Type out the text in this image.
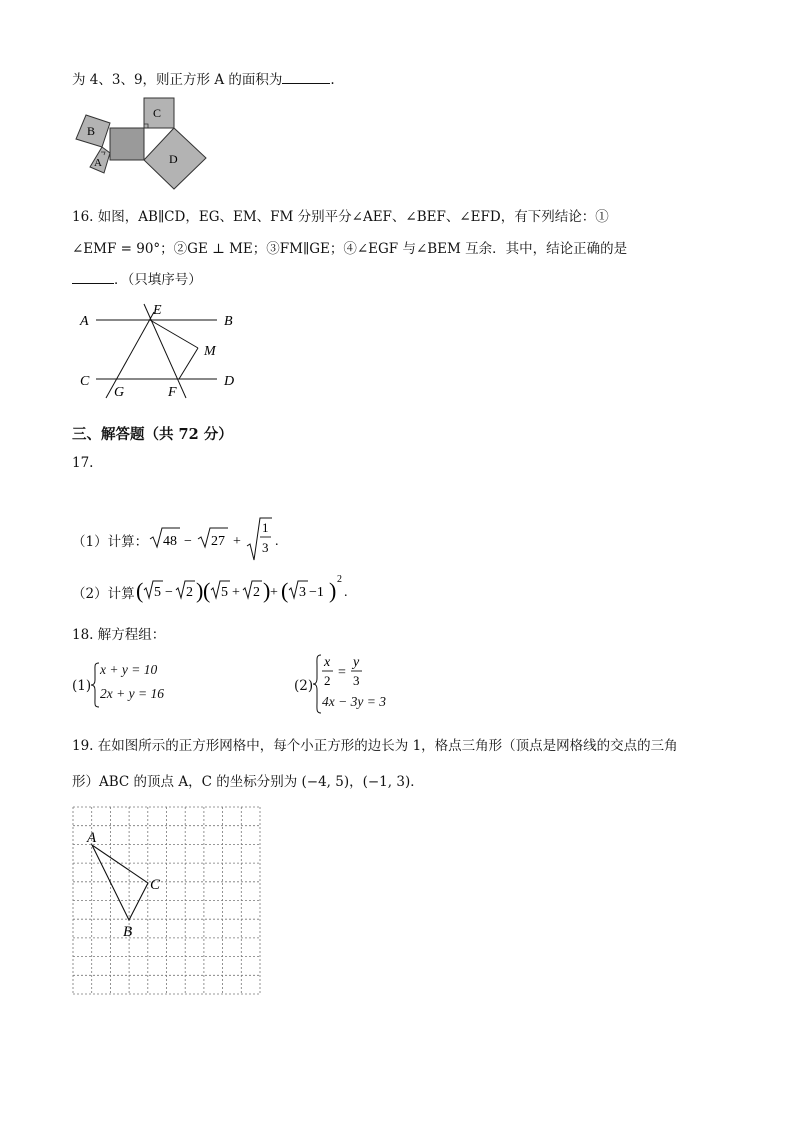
为 4、3、9，则正方形 A 的面积为	.
B
A
C
D
16. 如图，AB∥CD，EG、EM、FM 分别平分∠AEF、∠BEF、∠EFD，有下列结论：①
∠EMF = 90°；②GE ⊥ ME；③FM∥GE；④∠EGF 与∠BEM 互余．其中，结论正确的是
．（只填序号）
A	B
E
M
C
G	F
D
三、解答题（共 72 分）
17.
（1）计算： 48 − 27 +
1
3 .
（2）计算 ( 5 − 2 ) ( 5 + 2 ) + ( 3 −1 ) 2
.
18. 解方程组：
(1)
x + y = 10
2x + y = 16	(2)
x
2
=
y
3
4x − 3y = 3
19. 在如图所示的正方形网格中，每个小正方形的边长为 1，格点三角形（顶点是网格线的交点的三角
形）ABC 的顶点 A，C 的坐标分别为 (−4, 5)，(−1, 3)．
A
C
B
